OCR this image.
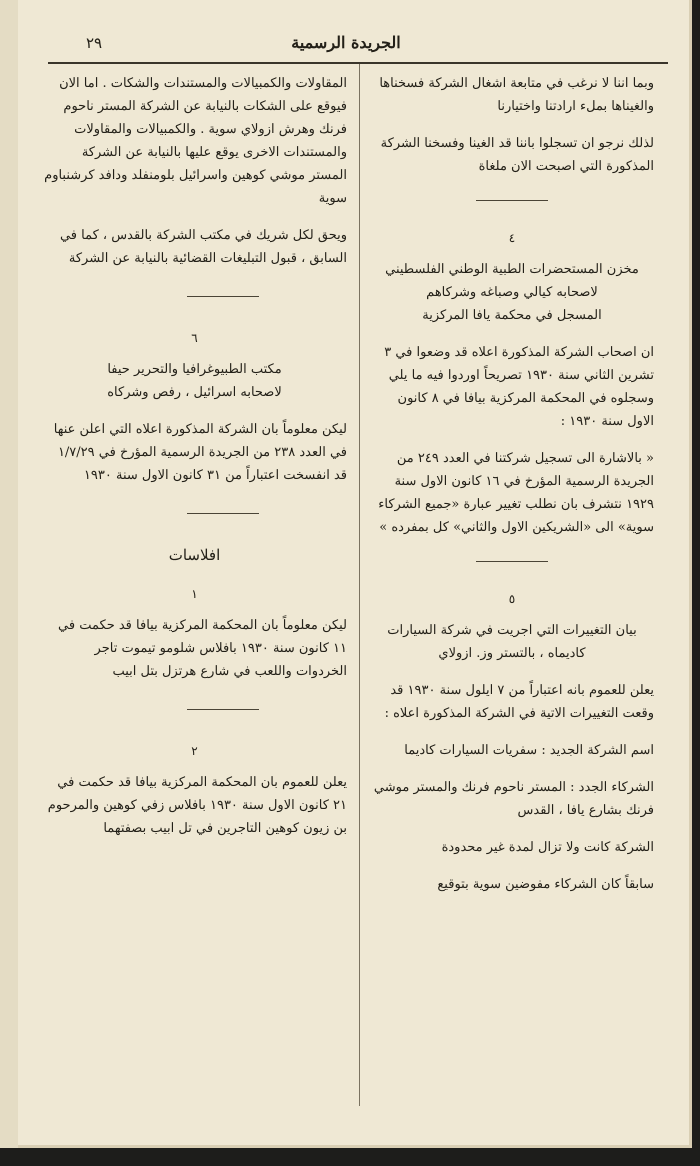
٢٩	الجريدة الرسمية

وبما اننا لا نرغب في متابعة اشغال الشركة فسخناها والغيناها بملء ارادتنا واختيارنا

لذلك نرجو ان تسجلوا باننا قد الغينا وفسخنا الشركة المذكورة التي اصبحت الان ملغاة

٤
مخزن المستحضرات الطبية الوطني الفلسطيني
لاصحابه كيالي وصباغه وشركاهم
المسجل في محكمة يافا المركزية

ان اصحاب الشركة المذكورة اعلاه قد وضعوا في ٣ تشرين الثاني سنة ١٩٣٠ تصريحاً اوردوا فيه ما يلي وسجلوه في المحكمة المركزية بيافا في ٨ كانون الاول سنة ١٩٣٠ :

« بالاشارة الى تسجيل شركتنا في العدد ٢٤٩ من الجريدة الرسمية المؤرخ في ١٦ كانون الاول سنة ١٩٢٩ نتشرف بان نطلب تغيير عبارة «جميع الشركاء سوية» الى «الشريكين الاول والثاني» كل بمفرده »

٥
بيان التغييرات التي اجريت في شركة السيارات
كاديماه ، بالتستر وز. ازولاي

يعلن للعموم بانه اعتباراً من ٧ ايلول سنة ١٩٣٠ قد وقعت التغييرات الاتية في الشركة المذكورة اعلاه :

اسم الشركة الجديد : سفريات السيارات كاديما

الشركاء الجدد : المستر ناحوم فرنك والمستر موشي فرنك بشارع يافا ، القدس

الشركة كانت ولا تزال لمدة غير محدودة

سابقاً كان الشركاء مفوضين سوية بتوقيع

المقاولات والكمبيالات والمستندات والشكات . اما الان فيوقع على الشكات بالنيابة عن الشركة المستر ناحوم فرنك وهرش ازولاي سوية . والكمبيالات والمقاولات والمستندات الاخرى يوقع عليها بالنيابة عن الشركة المستر موشي كوهين واسرائيل بلومنفلد ودافد كرشنباوم سوية

ويحق لكل شريك في مكتب الشركة بالقدس ، كما في السابق ، قبول التبليغات القضائية بالنيابة عن الشركة

٦
مكتب الطبيوغرافيا والتحرير حيفا
لاصحابه اسرائيل ، رفص وشركاه

ليكن معلوماً بان الشركة المذكورة اعلاه التي اعلن عنها في العدد ٢٣٨ من الجريدة الرسمية المؤرخ في ١/٧/٢٩ قد انفسخت اعتباراً من ٣١ كانون الاول سنة ١٩٣٠

افلاسات
١

ليكن معلوماً بان المحكمة المركزية بيافا قد حكمت في ١١ كانون سنة ١٩٣٠ بافلاس شلومو تيموت تاجر الخردوات واللعب في شارع هرتزل بتل ابيب

٢

يعلن للعموم بان المحكمة المركزية بيافا قد حكمت في ٢١ كانون الاول سنة ١٩٣٠ بافلاس زفي كوهين والمرحوم بن زيون كوهين التاجرين في تل ابيب بصفتهما
